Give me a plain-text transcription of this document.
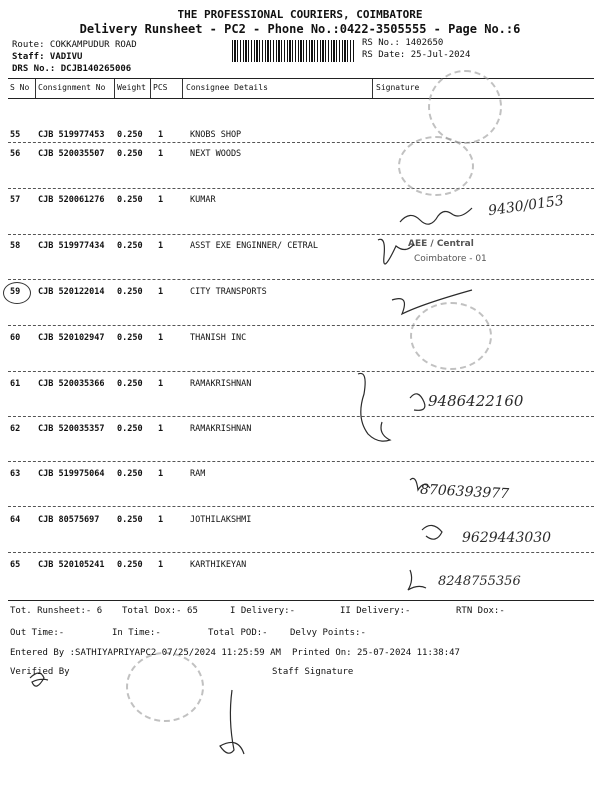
THE PROFESSIONAL COURIERS, COIMBATORE
Delivery Runsheet - PC2 - Phone No.:0422-3505555 - Page No.:6
Route: COKKAMPUDUR ROAD
Staff: VADIVU
DRS No.: DCJB140265006
RS No.: 1402650
RS Date: 25-Jul-2024
S No Consignment No Weight PCS Consignee Details	Signature
55 CJB 519977453 0.250 1	KNOBS SHOP
56 CJB 520035507 0.250 1	NEXT WOODS
57 CJB 520061276 0.250 1	KUMAR
58 CJB 519977434 0.250 1	ASST EXE ENGINNER/ CETRAL
59 CJB 520122014 0.250 1	CITY TRANSPORTS
60 CJB 520102947 0.250 1	THANISH INC
61 CJB 520035366 0.250 1	RAMAKRISHNAN
62 CJB 520035357 0.250 1	RAMAKRISHNAN
63 CJB 519975064 0.250 1	RAM
64 CJB 80575697 0.250 1	JOTHILAKSHMI
65 CJB 520105241 0.250 1	KARTHIKEYAN
9430/0153
9486422160
8706393977
9629443030
8248755356
AEE / Central
Coimbatore - 01
Tot. Runsheet:- 6 Total Dox:- 65	I Delivery:-	II Delivery:-	RTN Dox:-
Out Time:-	In Time:-	Total POD:- Delvy Points:-
Entered By :SATHIYAPRIYAPC2 07/25/2024 11:25:59 AM Printed On: 25-07-2024 11:38:47
Verified By	Staff Signature
